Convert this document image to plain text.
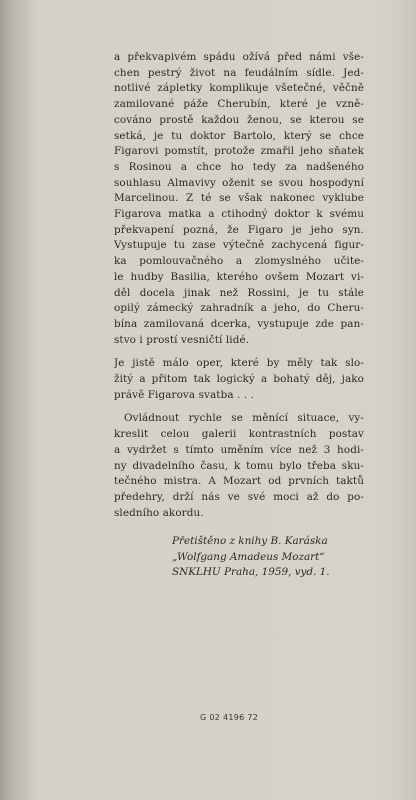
a překvapivém spádu ožívá před námi vše-
chen pestrý život na feudálním sídle. Jed-
notlivé zápletky komplikuje všetečné, věčně
zamilované páže Cherubín, které je vzně-
cováno prostě každou ženou, se kterou se
setká, je tu doktor Bartolo, který se chce
Figarovi pomstít, protože zmařil jeho sňatek
s Rosinou a chce ho tedy za nadšeného
souhlasu Almavivy oženit se svou hospodyní
Marcelinou. Z té se však nakonec vyklube
Figarova matka a ctihodný doktor k svému
překvapení pozná, že Figaro je jeho syn.
Vystupuje tu zase výtečně zachycená figur-
ka pomlouvačného a zlomyslného učite-
le hudby Basilia, kterého ovšem Mozart vi-
děl docela jinak než Rossini, je tu stále
opilý zámecký zahradník a jeho, do Cheru-
bína zamilovaná dcerka, vystupuje zde pan-
stvo i prostí vesničtí lidé.

Je jistě málo oper, které by měly tak slo-
žitý a přitom tak logický a bohatý děj, jako
právě Figarova svatba . . .

Ovládnout rychle se měnící situace, vy-
kreslit celou galerii kontrastních postav
a vydržet s tímto uměním více než 3 hodi-
ny divadelního času, k tomu bylo třeba sku-
tečného mistra. A Mozart od prvních taktů
předehry, drží nás ve své moci až do po-
sledního akordu.

Přetištěno z knihy B. Karáska
„Wolfgang Amadeus Mozart“
SNKLHU Praha, 1959, vyd. 1.
G 02 4196 72
